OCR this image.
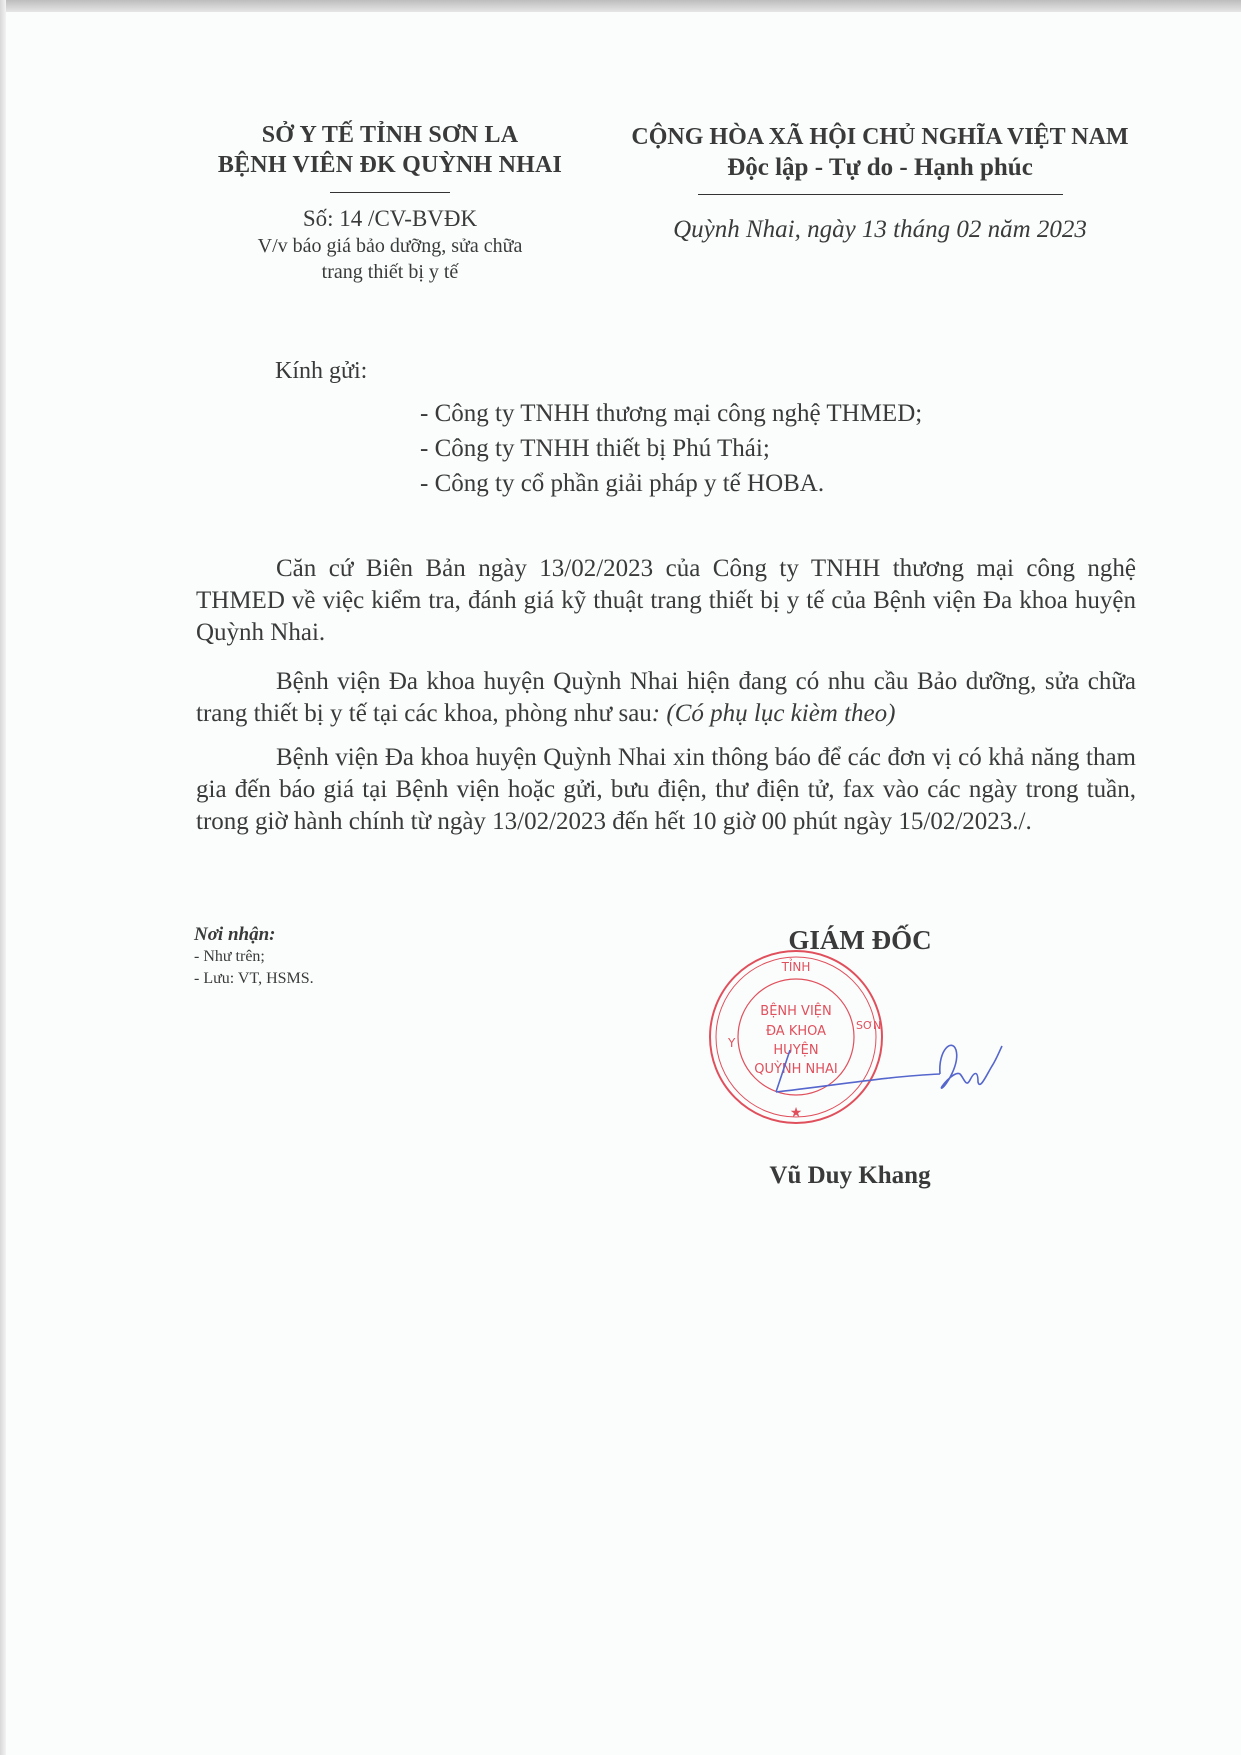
SỞ Y TẾ TỈNH SƠN LA
BỆNH VIÊN ĐK QUỲNH NHAI
Số: 14 /CV-BVĐK
V/v báo giá bảo dưỡng, sửa chữa
trang thiết bị y tế
CỘNG HÒA XÃ HỘI CHỦ NGHĨA VIỆT NAM
Độc lập - Tự do - Hạnh phúc
Quỳnh Nhai, ngày 13 tháng 02 năm 2023
Kính gửi:
- Công ty TNHH thương mại công nghệ THMED;
- Công ty TNHH thiết bị Phú Thái;
- Công ty cổ phần giải pháp y tế HOBA.
Căn cứ Biên Bản ngày 13/02/2023 của Công ty TNHH thương mại công nghệ THMED về việc kiểm tra, đánh giá kỹ thuật trang thiết bị y tế của Bệnh viện Đa khoa huyện Quỳnh Nhai.
Bệnh viện Đa khoa huyện Quỳnh Nhai hiện đang có nhu cầu Bảo dưỡng, sửa chữa trang thiết bị y tế tại các khoa, phòng như sau: (Có phụ lục kièm theo)
Bệnh viện Đa khoa huyện Quỳnh Nhai xin thông báo để các đơn vị có khả năng tham gia đến báo giá tại Bệnh viện hoặc gửi, bưu điện, thư điện tử, fax vào các ngày trong tuần, trong giờ hành chính từ ngày 13/02/2023 đến hết 10 giờ 00 phút ngày 15/02/2023./.
Nơi nhận:
- Như trên;
- Lưu: VT, HSMS.
GIÁM ĐỐC
TỈNH
Y
SƠN
BỆNH VIỆN
ĐA KHOA
HUYỆN
QUỲNH NHAI
★
Vũ Duy Khang
